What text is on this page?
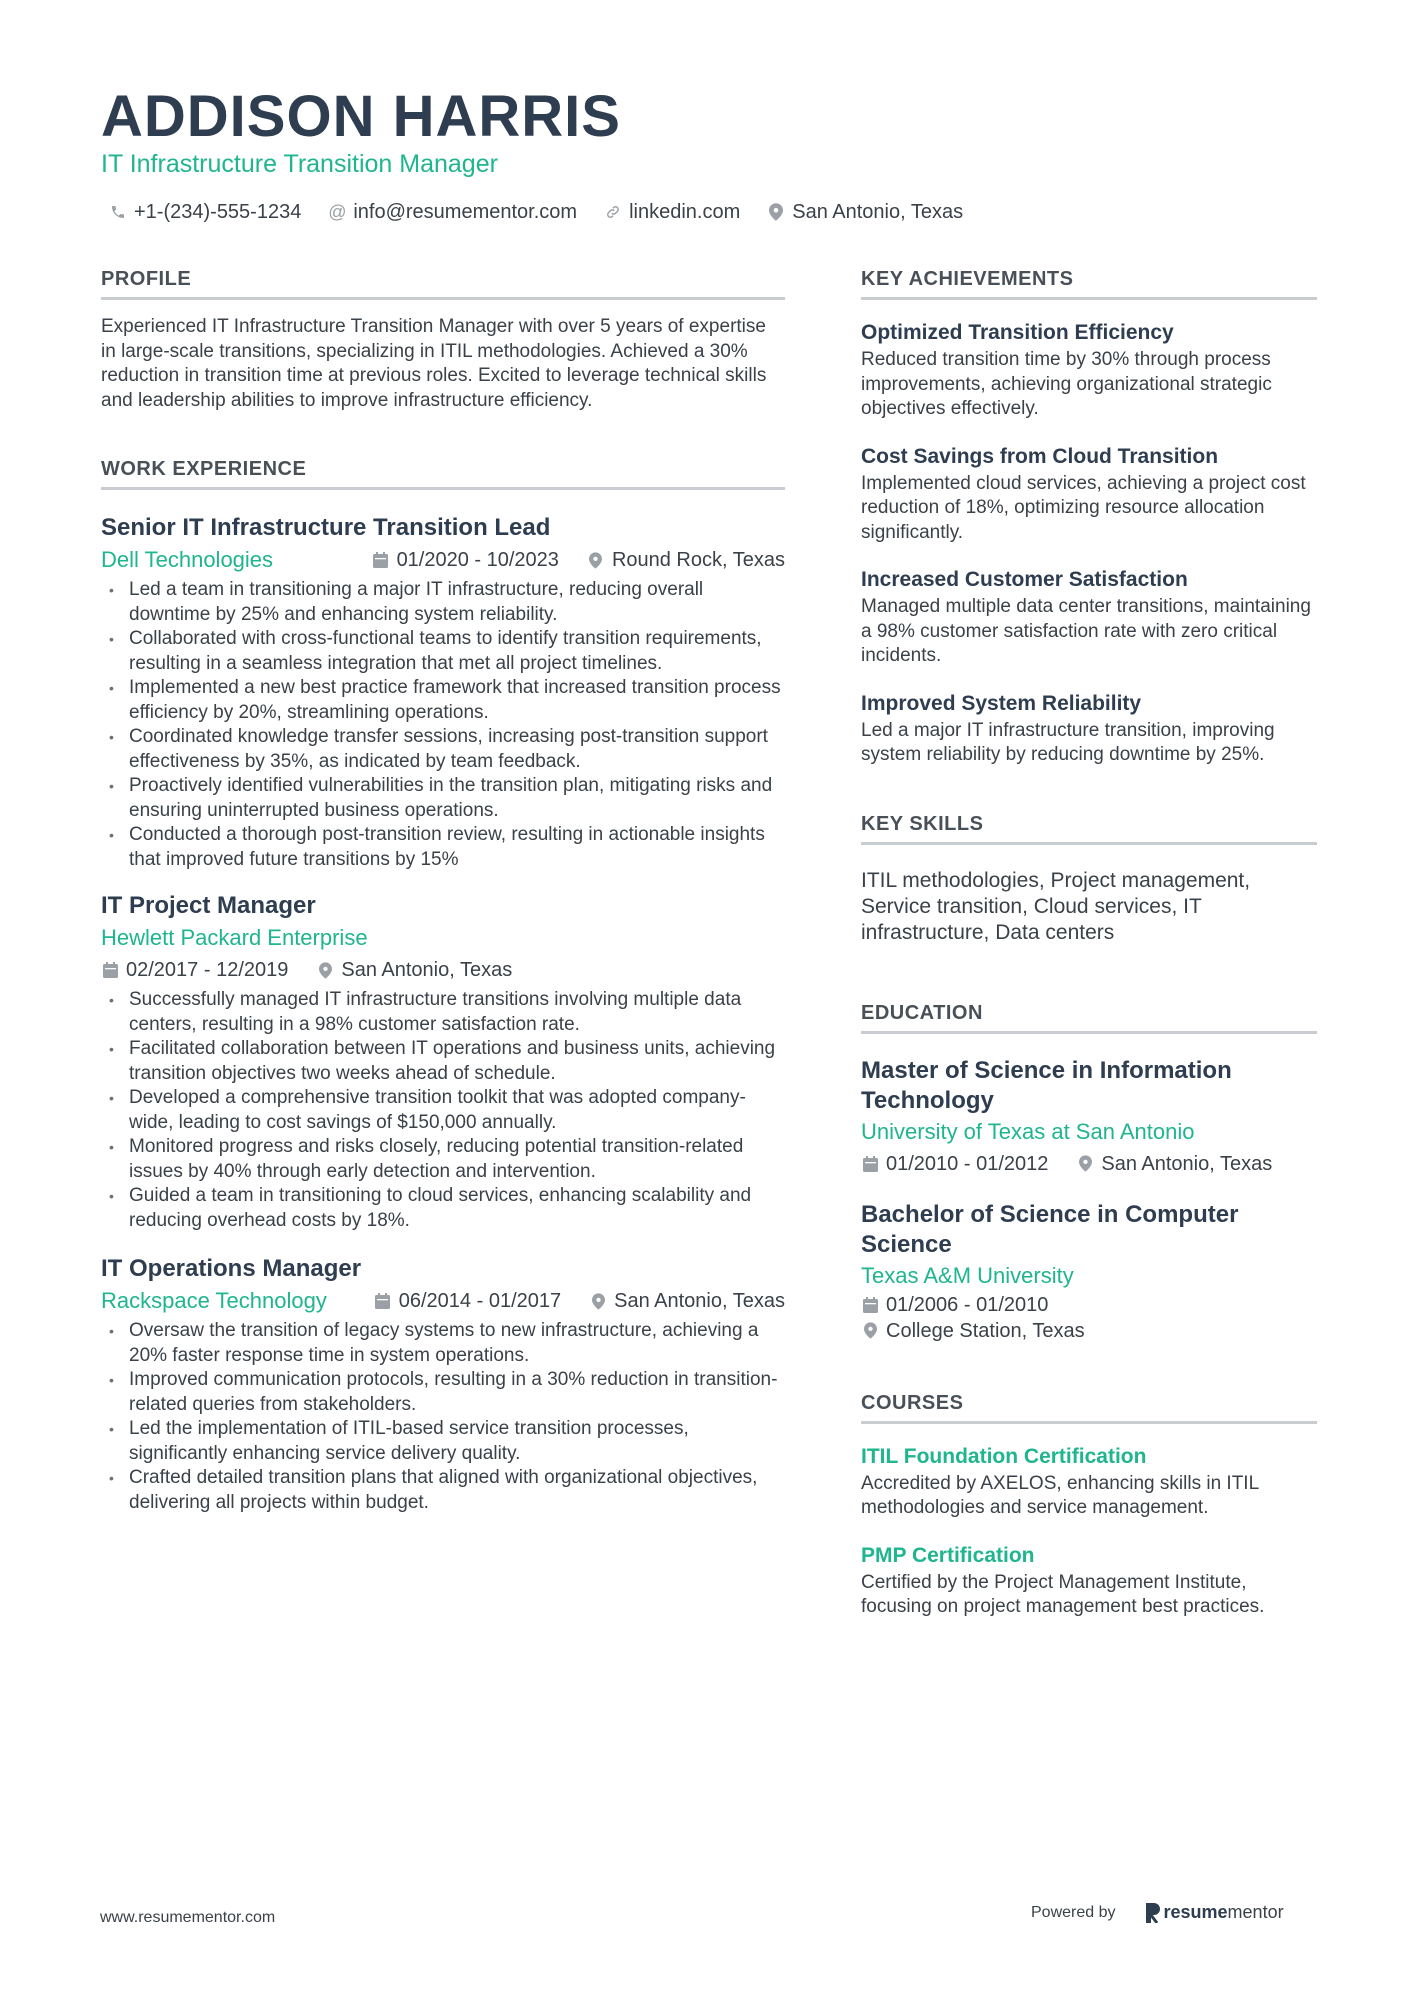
ADDISON HARRIS
IT Infrastructure Transition Manager
+1-(234)-555-1234 @ info@resumementor.com	linkedin.com	San Antonio, Texas
PROFILE

Experienced IT Infrastructure Transition Manager with over 5 years of expertise in large-scale transitions, specializing in ITIL methodologies. Achieved a 30% reduction in transition time at previous roles. Excited to leverage technical skills and leadership abilities to improve infrastructure efficiency.

WORK EXPERIENCE
Senior IT Infrastructure Transition Lead
Dell Technologies	01/2020 - 10/2023	Round Rock, Texas
• Led a team in transitioning a major IT infrastructure, reducing overall downtime by 25% and enhancing system reliability.
• Collaborated with cross-functional teams to identify transition requirements, resulting in a seamless integration that met all project timelines.
• Implemented a new best practice framework that increased transition process efficiency by 20%, streamlining operations.
• Coordinated knowledge transfer sessions, increasing post-transition support effectiveness by 35%, as indicated by team feedback.
• Proactively identified vulnerabilities in the transition plan, mitigating risks and ensuring uninterrupted business operations.
• Conducted a thorough post-transition review, resulting in actionable insights that improved future transitions by 15%
IT Project Manager
Hewlett Packard Enterprise
02/2017 - 12/2019	San Antonio, Texas
• Successfully managed IT infrastructure transitions involving multiple data centers, resulting in a 98% customer satisfaction rate.
• Facilitated collaboration between IT operations and business units, achieving transition objectives two weeks ahead of schedule.
• Developed a comprehensive transition toolkit that was adopted company-wide, leading to cost savings of $150,000 annually.
• Monitored progress and risks closely, reducing potential transition-related issues by 40% through early detection and intervention.
• Guided a team in transitioning to cloud services, enhancing scalability and reducing overhead costs by 18%.
IT Operations Manager
Rackspace Technology	06/2014 - 01/2017	San Antonio, Texas
• Oversaw the transition of legacy systems to new infrastructure, achieving a 20% faster response time in system operations.
• Improved communication protocols, resulting in a 30% reduction in transition-related queries from stakeholders.
• Led the implementation of ITIL-based service transition processes, significantly enhancing service delivery quality.
• Crafted detailed transition plans that aligned with organizational objectives, delivering all projects within budget.
KEY ACHIEVEMENTS
Optimized Transition Efficiency

Reduced transition time by 30% through process improvements, achieving organizational strategic objectives effectively.

Cost Savings from Cloud Transition

Implemented cloud services, achieving a project cost reduction of 18%, optimizing resource allocation significantly.

Increased Customer Satisfaction

Managed multiple data center transitions, maintaining a 98% customer satisfaction rate with zero critical incidents.

Improved System Reliability

Led a major IT infrastructure transition, improving system reliability by reducing downtime by 25%.

KEY SKILLS

ITIL methodologies, Project management, Service transition, Cloud services, IT infrastructure, Data centers

EDUCATION
Master of Science in Information Technology
University of Texas at San Antonio
01/2010 - 01/2012	San Antonio, Texas
Bachelor of Science in Computer Science
Texas A&M University
01/2006 - 01/2010
College Station, Texas
COURSES
ITIL Foundation Certification

Accredited by AXELOS, enhancing skills in ITIL methodologies and service management.

PMP Certification

Certified by the Project Management Institute, focusing on project management best practices.

www.resumementor.com	Powered by	resume mentor
